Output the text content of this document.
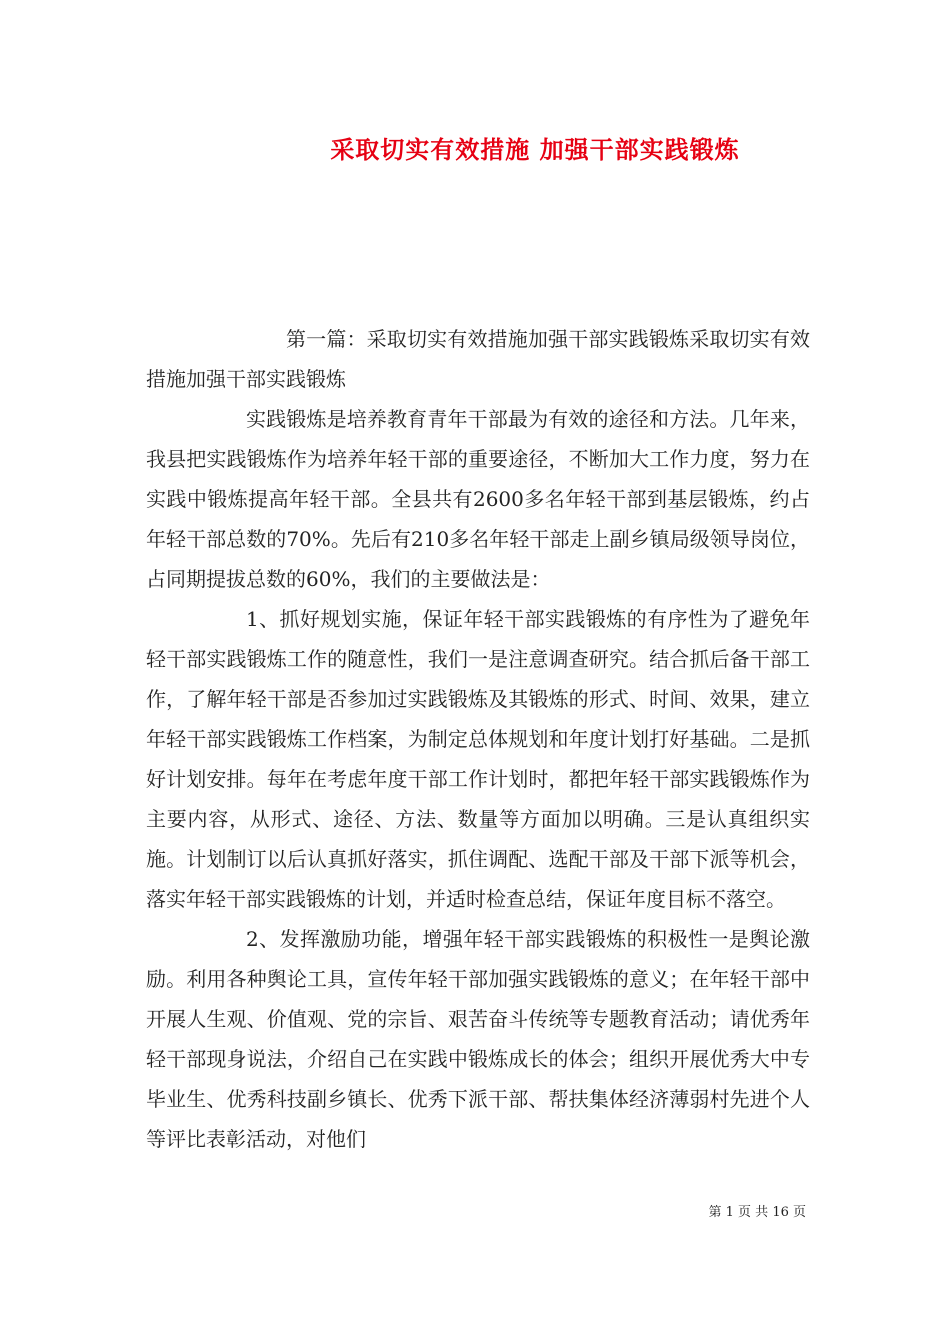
采取切实有效措施 加强干部实践锻炼

第一篇：采取切实有效措施加强干部实践锻炼采取切实有效措施加强干部实践锻炼

实践锻炼是培养教育青年干部最为有效的途径和方法。几年来，我县把实践锻炼作为培养年轻干部的重要途径，不断加大工作力度，努力在实践中锻炼提高年轻干部。全县共有2600多名年轻干部到基层锻炼，约占年轻干部总数的70%。先后有210多名年轻干部走上副乡镇局级领导岗位，占同期提拔总数的60%，我们的主要做法是：

1、抓好规划实施，保证年轻干部实践锻炼的有序性为了避免年轻干部实践锻炼工作的随意性，我们一是注意调查研究。结合抓后备干部工作，了解年轻干部是否参加过实践锻炼及其锻炼的形式、时间、效果，建立年轻干部实践锻炼工作档案，为制定总体规划和年度计划打好基础。二是抓好计划安排。每年在考虑年度干部工作计划时，都把年轻干部实践锻炼作为主要内容，从形式、途径、方法、数量等方面加以明确。三是认真组织实施。计划制订以后认真抓好落实，抓住调配、选配干部及干部下派等机会，落实年轻干部实践锻炼的计划，并适时检查总结，保证年度目标不落空。

2、发挥激励功能，增强年轻干部实践锻炼的积极性一是舆论激励。利用各种舆论工具，宣传年轻干部加强实践锻炼的意义；在年轻干部中开展人生观、价值观、党的宗旨、艰苦奋斗传统等专题教育活动；请优秀年轻干部现身说法，介绍自己在实践中锻炼成长的体会；组织开展优秀大中专毕业生、优秀科技副乡镇长、优秀下派干部、帮扶集体经济薄弱村先进个人等评比表彰活动，对他们

第 1 页 共 16 页
